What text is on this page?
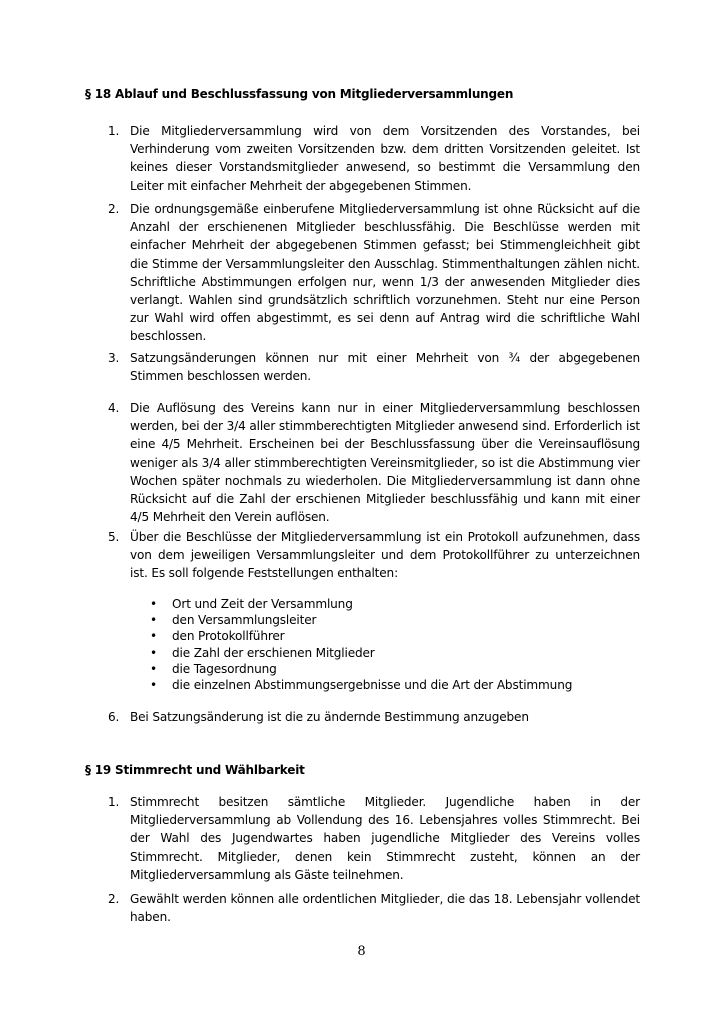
§ 18 Ablauf und Beschlussfassung von Mitgliederversammlungen
1. Die Mitgliederversammlung wird von dem Vorsitzenden des Vorstandes, bei Verhinderung vom zweiten Vorsitzenden bzw. dem dritten Vorsitzenden geleitet. Ist keines dieser Vorstandsmitglieder anwesend, so bestimmt die Versammlung den Leiter mit einfacher Mehrheit der abgegebenen Stimmen.
2. Die ordnungsgemäße einberufene Mitgliederversammlung ist ohne Rücksicht auf die Anzahl der erschienenen Mitglieder beschlussfähig. Die Beschlüsse werden mit einfacher Mehrheit der abgegebenen Stimmen gefasst; bei Stimmengleichheit gibt die Stimme der Versammlungsleiter den Ausschlag. Stimmenthaltungen zählen nicht. Schriftliche Abstimmungen erfolgen nur, wenn 1/3 der anwesenden Mitglieder dies verlangt. Wahlen sind grundsätzlich schriftlich vorzunehmen. Steht nur eine Person zur Wahl wird offen abgestimmt, es sei denn auf Antrag wird die schriftliche Wahl beschlossen.
3. Satzungsänderungen können nur mit einer Mehrheit von ¾ der abgegebenen Stimmen beschlossen werden.
4. Die Auflösung des Vereins kann nur in einer Mitgliederversammlung beschlossen werden, bei der 3/4 aller stimmberechtigten Mitglieder anwesend sind. Erforderlich ist eine 4/5 Mehrheit. Erscheinen bei der Beschlussfassung über die Vereinsauflösung weniger als 3/4 aller stimmberechtigten Vereinsmitglieder, so ist die Abstimmung vier Wochen später nochmals zu wiederholen. Die Mitgliederversammlung ist dann ohne Rücksicht auf die Zahl der erschienen Mitglieder beschlussfähig und kann mit einer 4/5 Mehrheit den Verein auflösen.
5. Über die Beschlüsse der Mitgliederversammlung ist ein Protokoll aufzunehmen, dass von dem jeweiligen Versammlungsleiter und dem Protokollführer zu unterzeichnen ist. Es soll folgende Feststellungen enthalten:
• Ort und Zeit der Versammlung
• den Versammlungsleiter
• den Protokollführer
• die Zahl der erschienen Mitglieder
• die Tagesordnung
• die einzelnen Abstimmungsergebnisse und die Art der Abstimmung
6. Bei Satzungsänderung ist die zu ändernde Bestimmung anzugeben
§ 19 Stimmrecht und Wählbarkeit
1. Stimmrecht besitzen sämtliche Mitglieder. Jugendliche haben in der Mitgliederversammlung ab Vollendung des 16. Lebensjahres volles Stimmrecht. Bei der Wahl des Jugendwartes haben jugendliche Mitglieder des Vereins volles Stimmrecht. Mitglieder, denen kein Stimmrecht zusteht, können an der Mitgliederversammlung als Gäste teilnehmen.
2. Gewählt werden können alle ordentlichen Mitglieder, die das 18. Lebensjahr vollendet haben.
8
